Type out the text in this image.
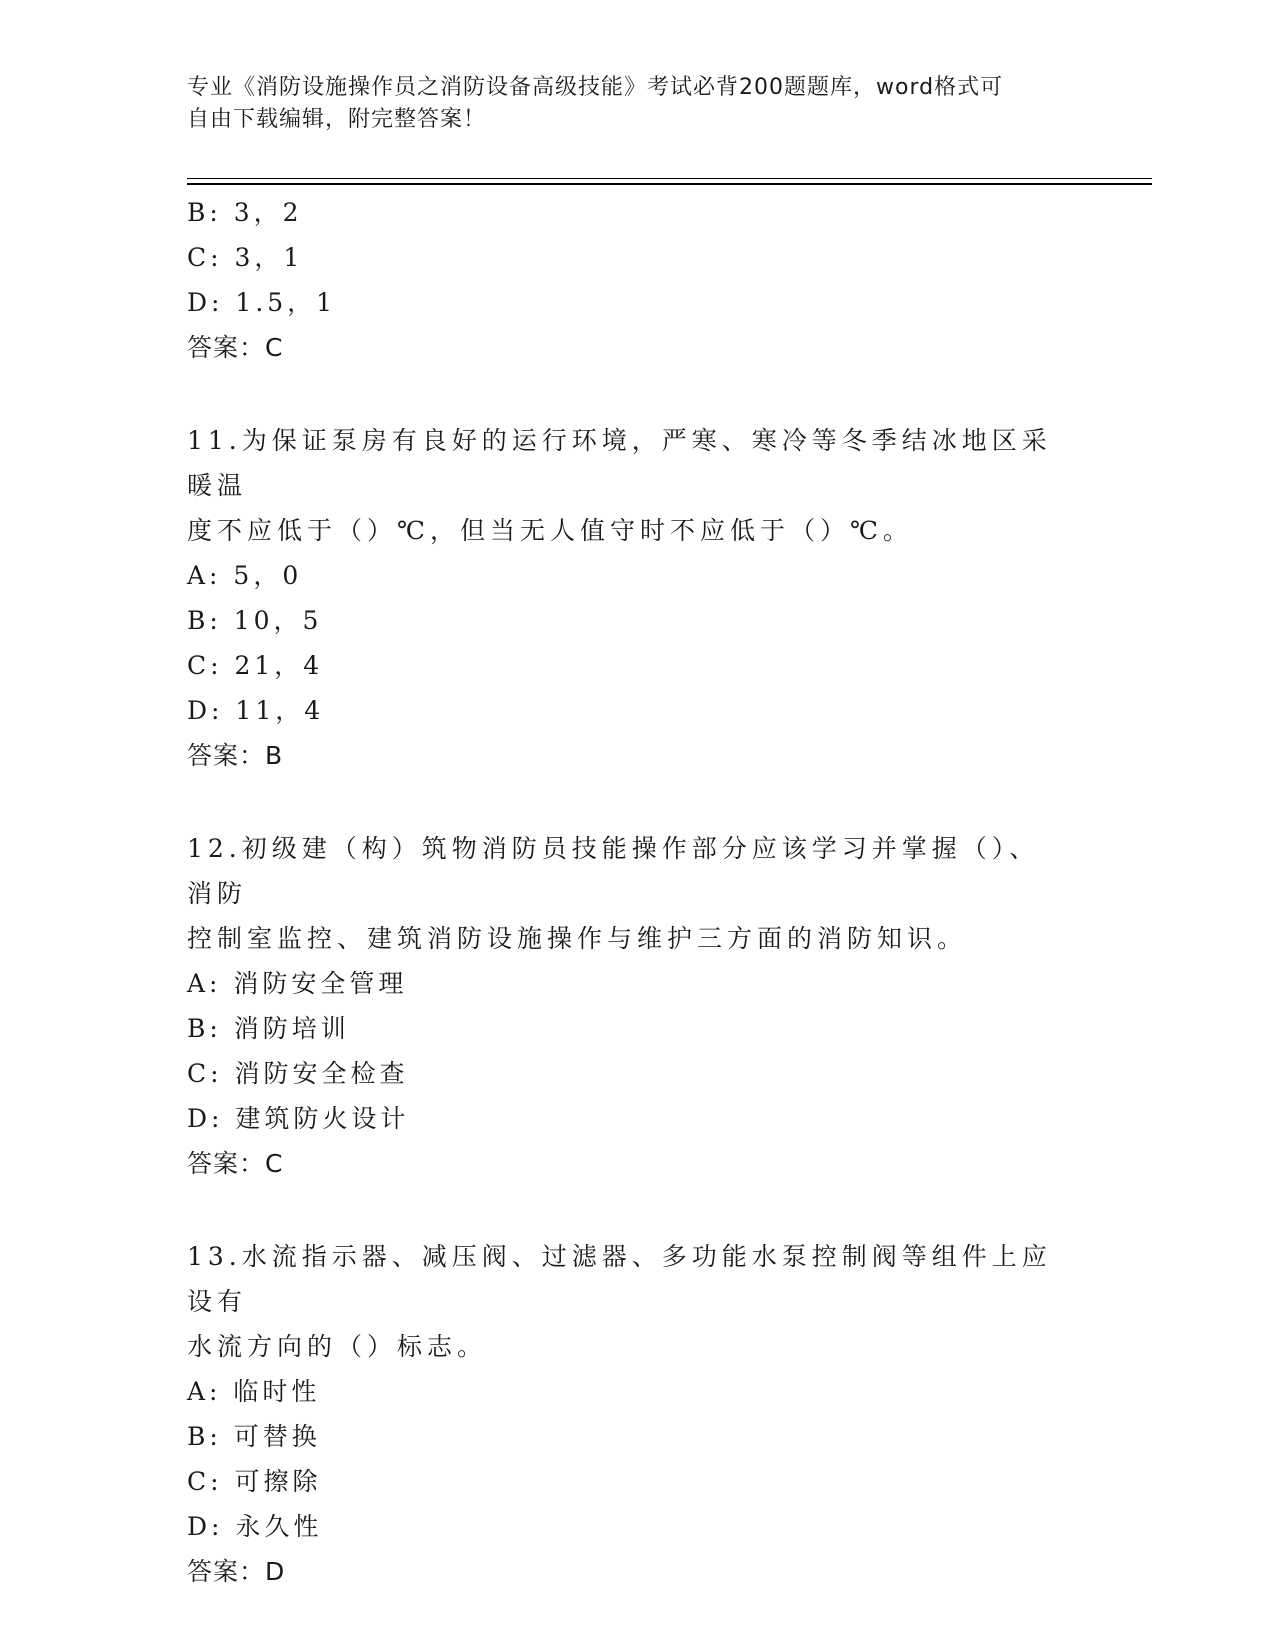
专业《消防设施操作员之消防设备高级技能》考试必背200题题库，word格式可
自由下载编辑，附完整答案！
B: 3，2
C: 3，1
D: 1.5，1
答案：C
11.为保证泵房有良好的运行环境，严寒、寒冷等冬季结冰地区采暖温
度不应低于（）℃，但当无人值守时不应低于（）℃。
A: 5，0
B: 10，5
C: 21，4
D: 11，4
答案：B
12.初级建（构）筑物消防员技能操作部分应该学习并掌握（）、消防
控制室监控、建筑消防设施操作与维护三方面的消防知识。
A: 消防安全管理
B: 消防培训
C: 消防安全检查
D: 建筑防火设计
答案：C
13.水流指示器、减压阀、过滤器、多功能水泵控制阀等组件上应设有
水流方向的（）标志。
A: 临时性
B: 可替换
C: 可擦除
D: 永久性
答案：D
